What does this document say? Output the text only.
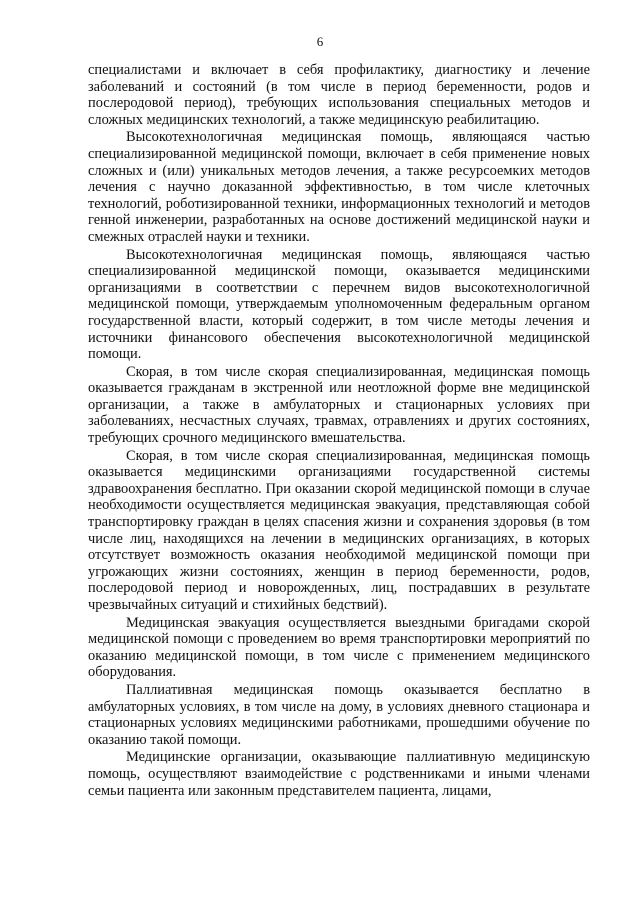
6

специалистами и включает в себя профилактику, диагностику и лечение заболеваний и состояний (в том числе в период беременности, родов и послеродовой период), требующих использования специальных методов и сложных медицинских технологий, а также медицинскую реабилитацию.

Высокотехнологичная медицинская помощь, являющаяся частью специализированной медицинской помощи, включает в себя применение новых сложных и (или) уникальных методов лечения, а также ресурсоемких методов лечения с научно доказанной эффективностью, в том числе клеточных технологий, роботизированной техники, информационных технологий и методов генной инженерии, разработанных на основе достижений медицинской науки и смежных отраслей науки и техники.

Высокотехнологичная медицинская помощь, являющаяся частью специализированной медицинской помощи, оказывается медицинскими организациями в соответствии с перечнем видов высокотехнологичной медицинской помощи, утверждаемым уполномоченным федеральным органом государственной власти, который содержит, в том числе методы лечения и источники финансового обеспечения высокотехнологичной медицинской помощи.

Скорая, в том числе скорая специализированная, медицинская помощь оказывается гражданам в экстренной или неотложной форме вне медицинской организации, а также в амбулаторных и стационарных условиях при заболеваниях, несчастных случаях, травмах, отравлениях и других состояниях, требующих срочного медицинского вмешательства.

Скорая, в том числе скорая специализированная, медицинская помощь оказывается медицинскими организациями государственной системы здравоохранения бесплатно. При оказании скорой медицинской помощи в случае необходимости осуществляется медицинская эвакуация, представляющая собой транспортировку граждан в целях спасения жизни и сохранения здоровья (в том числе лиц, находящихся на лечении в медицинских организациях, в которых отсутствует возможность оказания необходимой медицинской помощи при угрожающих жизни состояниях, женщин в период беременности, родов, послеродовой период и новорожденных, лиц, пострадавших в результате чрезвычайных ситуаций и стихийных бедствий).

Медицинская эвакуация осуществляется выездными бригадами скорой медицинской помощи с проведением во время транспортировки мероприятий по оказанию медицинской помощи, в том числе с применением медицинского оборудования.

Паллиативная медицинская помощь оказывается бесплатно в амбулаторных условиях, в том числе на дому, в условиях дневного стационара и стационарных условиях медицинскими работниками, прошедшими обучение по оказанию такой помощи.

Медицинские организации, оказывающие паллиативную медицинскую помощь, осуществляют взаимодействие с родственниками и иными членами семьи пациента или законным представителем пациента, лицами,
